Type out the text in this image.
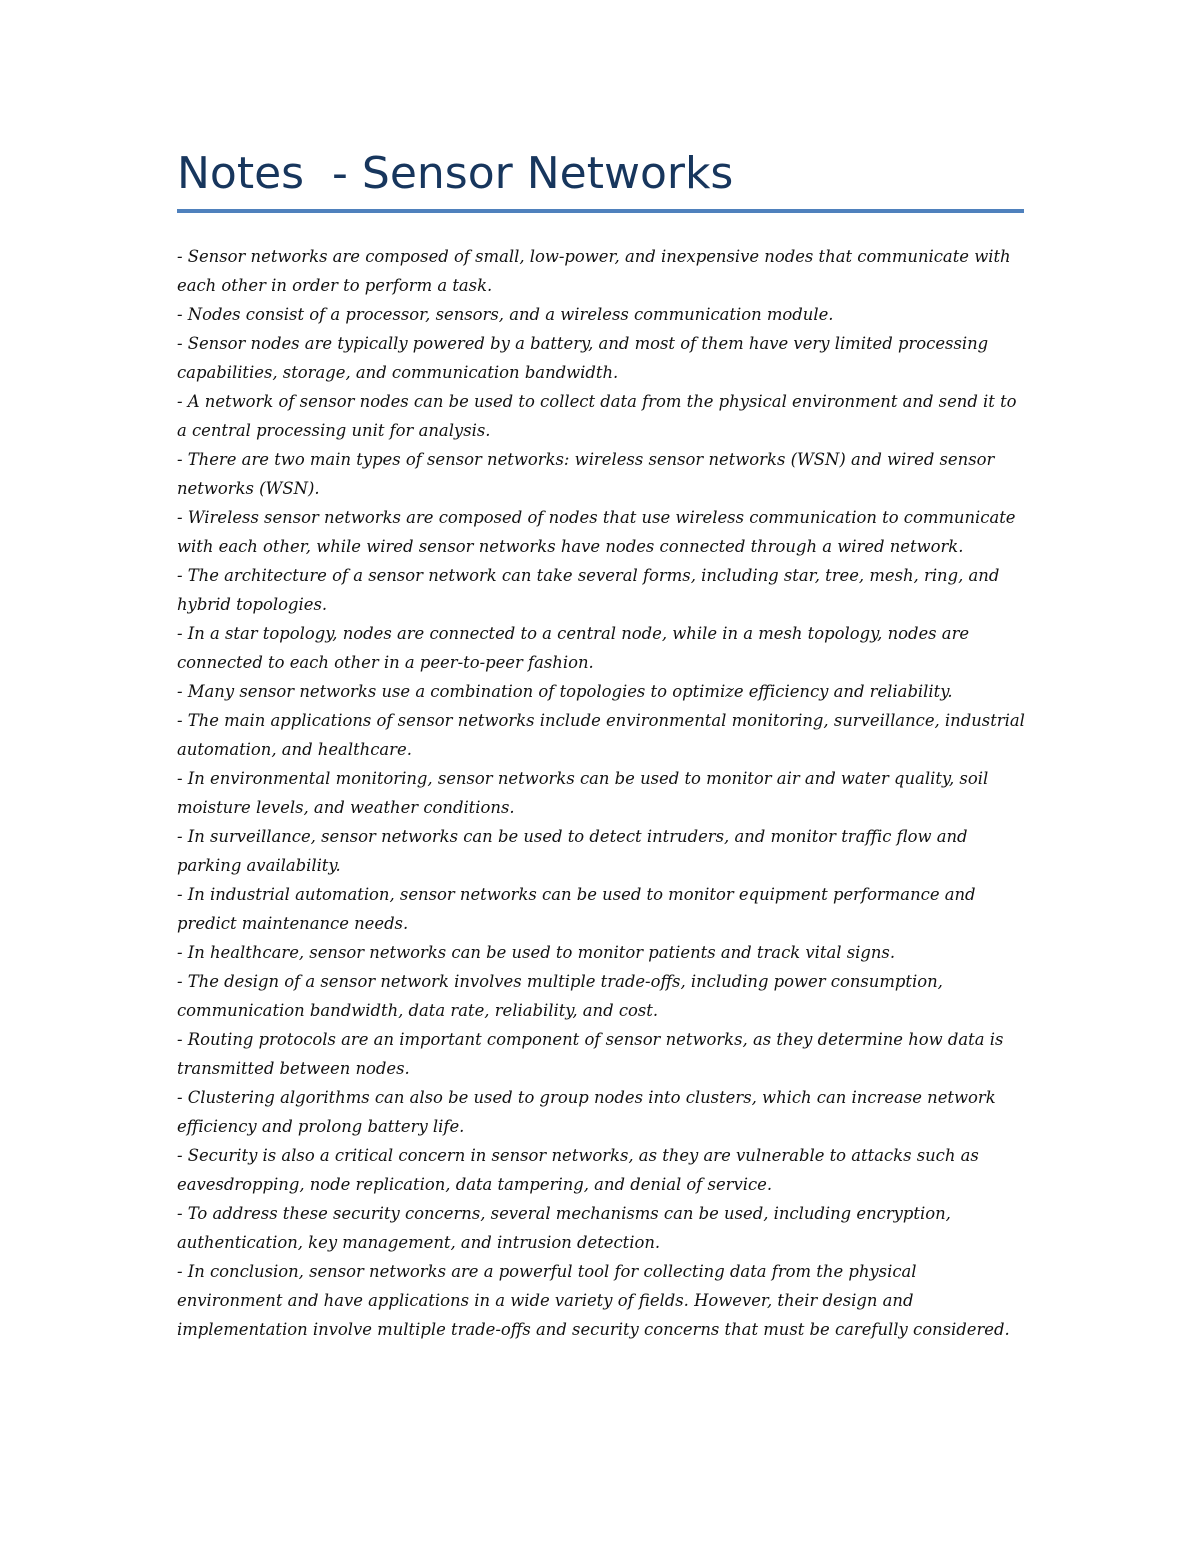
Notes  - Sensor Networks

- Sensor networks are composed of small, low-power, and inexpensive nodes that communicate with each other in order to perform a task.

- Nodes consist of a processor, sensors, and a wireless communication module.

- Sensor nodes are typically powered by a battery, and most of them have very limited processing capabilities, storage, and communication bandwidth.

- A network of sensor nodes can be used to collect data from the physical environment and send it to a central processing unit for analysis.

- There are two main types of sensor networks: wireless sensor networks (WSN) and wired sensor networks (WSN).

- Wireless sensor networks are composed of nodes that use wireless communication to communicate with each other, while wired sensor networks have nodes connected through a wired network.

- The architecture of a sensor network can take several forms, including star, tree, mesh, ring, and hybrid topologies.

- In a star topology, nodes are connected to a central node, while in a mesh topology, nodes are connected to each other in a peer-to-peer fashion.

- Many sensor networks use a combination of topologies to optimize efficiency and reliability.

- The main applications of sensor networks include environmental monitoring, surveillance, industrial automation, and healthcare.

- In environmental monitoring, sensor networks can be used to monitor air and water quality, soil moisture levels, and weather conditions.

- In surveillance, sensor networks can be used to detect intruders, and monitor traffic flow and parking availability.

- In industrial automation, sensor networks can be used to monitor equipment performance and predict maintenance needs.

- In healthcare, sensor networks can be used to monitor patients and track vital signs.

- The design of a sensor network involves multiple trade-offs, including power consumption, communication bandwidth, data rate, reliability, and cost.

- Routing protocols are an important component of sensor networks, as they determine how data is transmitted between nodes.

- Clustering algorithms can also be used to group nodes into clusters, which can increase network efficiency and prolong battery life.

- Security is also a critical concern in sensor networks, as they are vulnerable to attacks such as eavesdropping, node replication, data tampering, and denial of service.

- To address these security concerns, several mechanisms can be used, including encryption, authentication, key management, and intrusion detection.

- In conclusion, sensor networks are a powerful tool for collecting data from the physical environment and have applications in a wide variety of fields. However, their design and implementation involve multiple trade-offs and security concerns that must be carefully considered.
